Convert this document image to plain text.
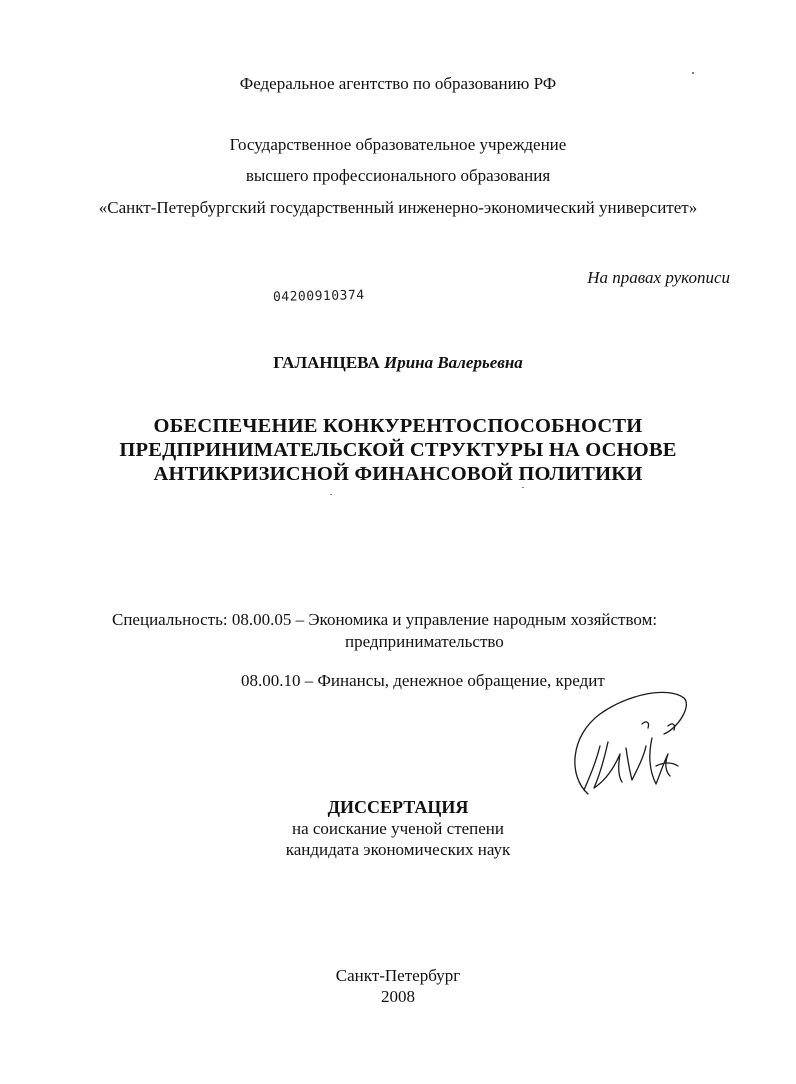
Федеральное агентство по образованию РФ
Государственное образовательное учреждение
высшего профессионального образования
«Санкт-Петербургский государственный инженерно-экономический университет»
На правах рукописи
04200910374
ГАЛАНЦЕВА Ирина Валерьевна
ОБЕСПЕЧЕНИЕ КОНКУРЕНТОСПОСОБНОСТИ
ПРЕДПРИНИМАТЕЛЬСКОЙ СТРУКТУРЫ НА ОСНОВЕ
АНТИКРИЗИСНОЙ ФИНАНСОВОЙ ПОЛИТИКИ
Специальность: 08.00.05 – Экономика и управление народным хозяйством:
предпринимательство
08.00.10 – Финансы, денежное обращение, кредит
ДИССЕРТАЦИЯ
на соискание ученой степени
кандидата экономических наук
Санкт-Петербург
2008
